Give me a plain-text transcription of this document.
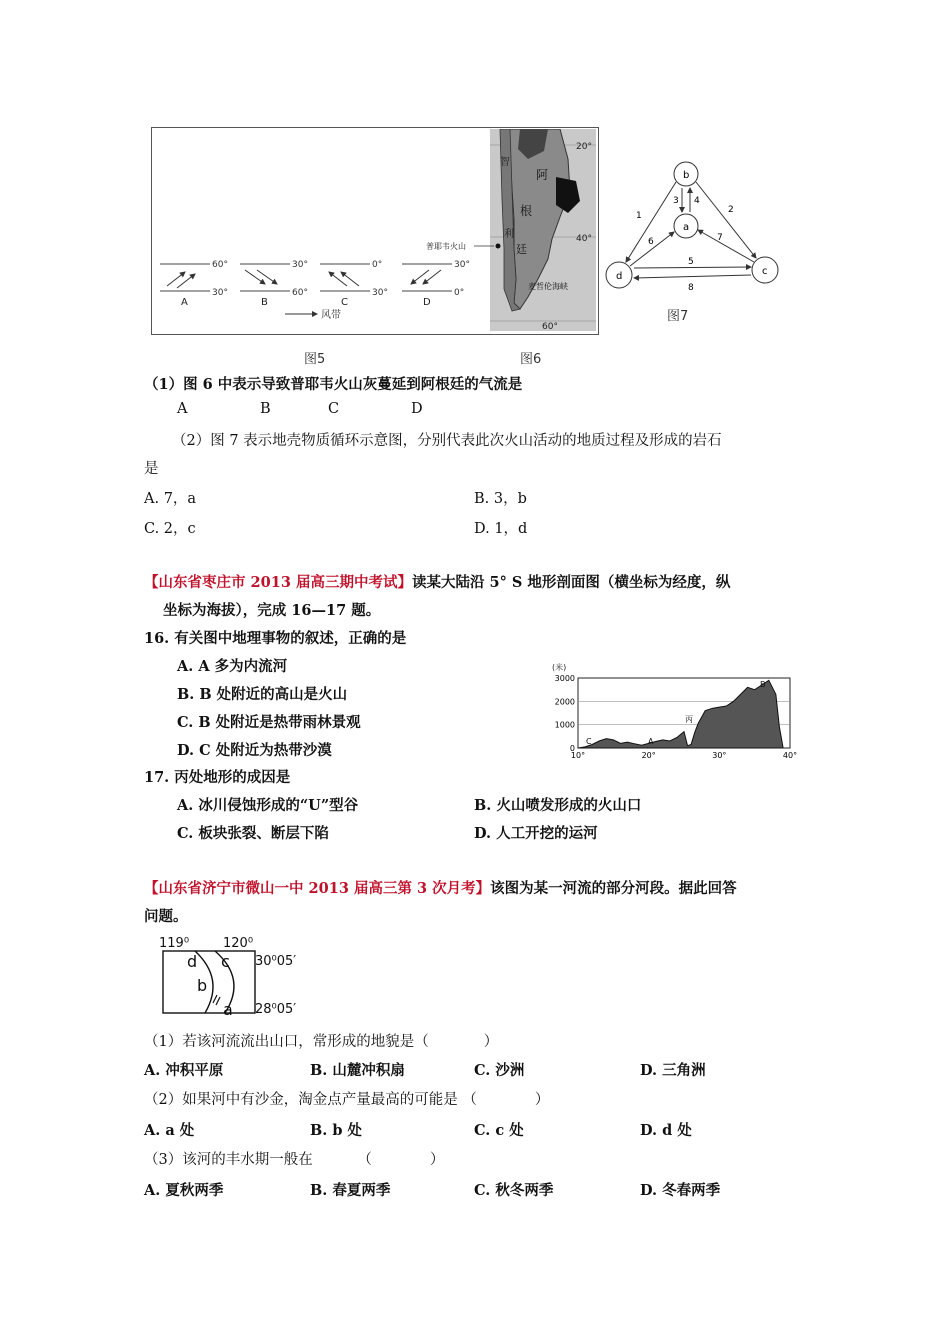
60°
30°
A
30°
60°
B
0°
30°
C
30°
0°
D
风带
20°
40°
60°
阿
根
廷
智
利
普耶韦火山
麦哲伦海峡
图5	图6
b
a
d	c
1
2
3 4
5
6	7
8
图7
（1）图 6 中表示导致普耶韦火山灰蔓延到阿根廷的气流是
A	B	C	D
（2）图 7 表示地壳物质循环示意图，分别代表此次火山活动的地质过程及形成的岩石
是
A. 7，a	B. 3，b
C. 2，c	D. 1，d
【山东省枣庄市 2013 届高三期中考试】读某大陆沿 5° S 地形剖面图（横坐标为经度，纵
坐标为海拔），完成 16—17 题。
16. 有关图中地理事物的叙述，正确的是
A. A 多为内流河
B. B 处附近的高山是火山
C. B 处附近是热带雨林景观
D. C 处附近为热带沙漠
17. 丙处地形的成因是
A. 冰川侵蚀形成的“U”型谷	B. 火山喷发形成的火山口
C. 板块张裂、断层下陷	D. 人工开挖的运河
(米)
3000
2000
1000
0
10°	20°	30°	40°
C	A
丙
B
【山东省济宁市微山一中 2013 届高三第 3 次月考】该图为某一河流的部分河段。据此回答
问题。
119⁰	120⁰
d c
b
a
30⁰05′
28⁰05′
（1）若该河流流出山口，常形成的地貌是（	）
A. 冲积平原	B. 山麓冲积扇	C. 沙洲	D. 三角洲
（2）如果河中有沙金，淘金点产量最高的可能是 （　　　　）
A. a 处	B. b 处	C. c 处	D. d 处
（3）该河的丰水期一般在	（　　　　）
A. 夏秋两季	B. 春夏两季	C. 秋冬两季	D. 冬春两季
